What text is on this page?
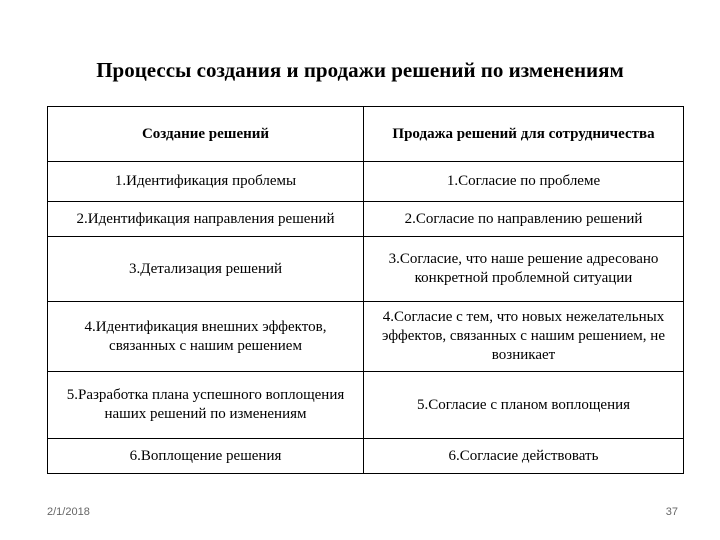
Процессы создания и продажи решений по изменениям
Создание решений	Продажа решений для сотрудничества
1.Идентификация проблемы	1.Согласие по проблеме
2.Идентификация направления решений	2.Согласие по направлению решений
3.Детализация решений	3.Согласие, что наше решение адресовано конкретной проблемной ситуации
4.Идентификация внешних эффектов, связанных с нашим решением	4.Согласие с тем, что новых нежелательных эффектов, связанных с нашим решением, не возникает
5.Разработка плана успешного воплощения наших решений по изменениям	5.Согласие с планом воплощения
6.Воплощение решения	6.Согласие действовать
2/1/2018	37
